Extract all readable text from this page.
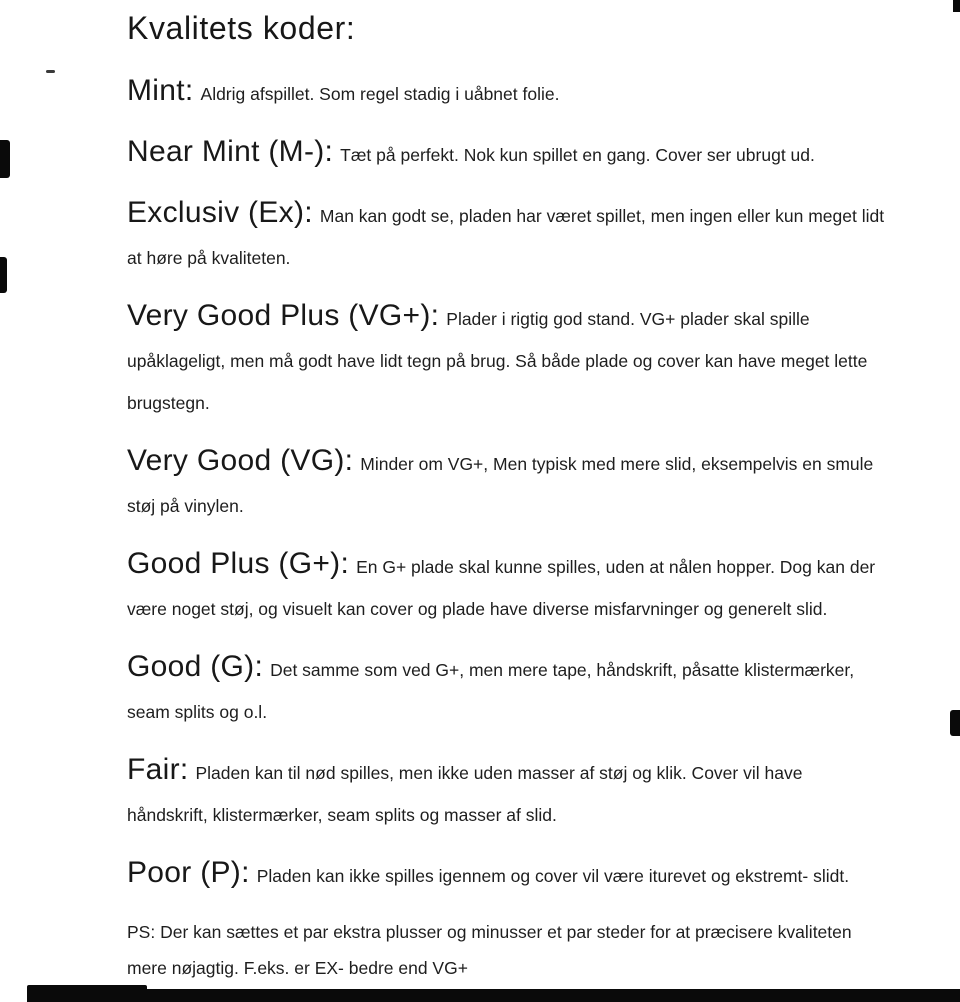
Kvalitets koder:

Mint: Aldrig afspillet. Som regel stadig i uåbnet folie.

Near Mint (M-): Tæt på perfekt. Nok kun spillet en gang. Cover ser ubrugt ud.

Exclusiv (Ex): Man kan godt se, pladen har været spillet, men ingen eller kun meget lidt at høre på kvaliteten.

Very Good Plus (VG+): Plader i rigtig god stand. VG+ plader skal spille upåklageligt, men må godt have lidt tegn på brug. Så både plade og cover kan have meget lette brugstegn.

Very Good (VG): Minder om VG+, Men typisk med mere slid, eksempelvis en smule støj på vinylen.

Good Plus (G+): En G+ plade skal kunne spilles, uden at nålen hopper. Dog kan der være noget støj, og visuelt kan cover og plade have diverse misfarvninger og generelt slid.

Good (G): Det samme som ved G+, men mere tape, håndskrift, påsatte klistermærker, seam splits og o.l.

Fair: Pladen kan til nød spilles, men ikke uden masser af støj og klik. Cover vil have håndskrift, klistermærker, seam splits og masser af slid.

Poor (P): Pladen kan ikke spilles igennem og cover vil være iturevet og ekstremt- slidt.

PS: Der kan sættes et par ekstra plusser og minusser et par steder for at præcisere kvaliteten mere nøjagtig. F.eks. er EX- bedre end VG+
